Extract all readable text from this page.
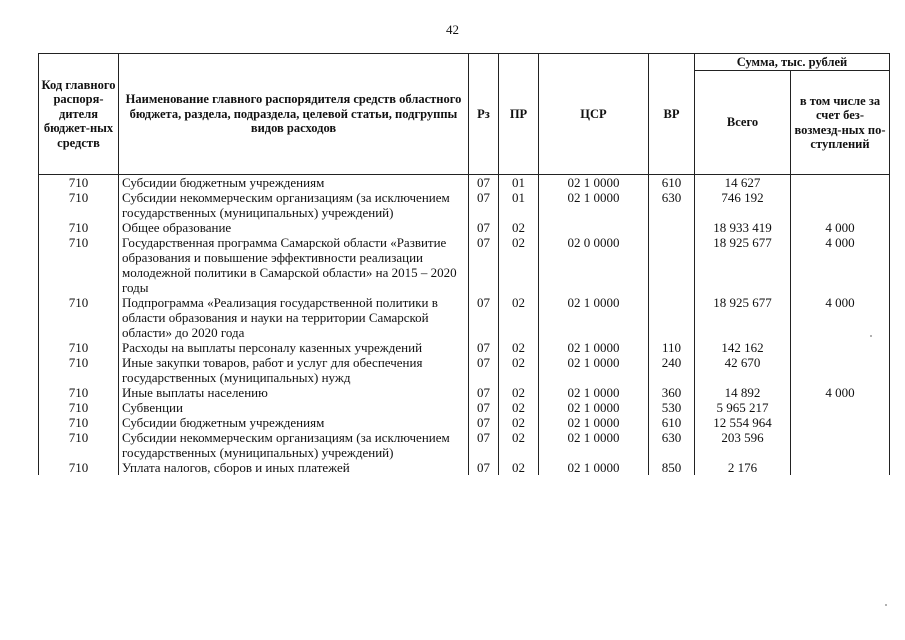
42
Код главного распоря-дителя бюджет-ных средств	Наименование главного распорядителя средств областного бюджета, раздела, подраздела, целевой статьи, подгруппы видов расходов	Рз	ПР	ЦСР	ВР	Сумма, тыс. рублей	
						Всего	в том числе за счет без-возмезд-ных по-ступлений
710	Субсидии бюджетным учреждениям	07	01	02 1 0000	610	14 627	
710	Субсидии некоммерческим организациям (за исключением государственных (муниципальных) учреждений)	07	01	02 1 0000	630	746 192	
710	Общее образование	07	02			18 933 419	4 000
710	Государственная программа Самарской области «Развитие образования и повышение эффективности реализации молодежной политики в Самарской области» на 2015 – 2020 годы	07	02	02 0 0000		18 925 677	4 000
710	Подпрограмма «Реализация государственной политики в области образования и науки на территории Самарской области» до 2020 года	07	02	02 1 0000		18 925 677	4 000
710	Расходы на выплаты персоналу казенных учреждений	07	02	02 1 0000	110	142 162	
710	Иные закупки товаров, работ и услуг для обеспечения государственных (муниципальных) нужд	07	02	02 1 0000	240	42 670	
710	Иные выплаты населению	07	02	02 1 0000	360	14 892	4 000
710	Субвенции	07	02	02 1 0000	530	5 965 217	
710	Субсидии бюджетным учреждениям	07	02	02 1 0000	610	12 554 964	
710	Субсидии некоммерческим организациям (за исключением государственных (муниципальных) учреждений)	07	02	02 1 0000	630	203 596	
710	Уплата налогов, сборов и иных платежей	07	02	02 1 0000	850	2 176	
